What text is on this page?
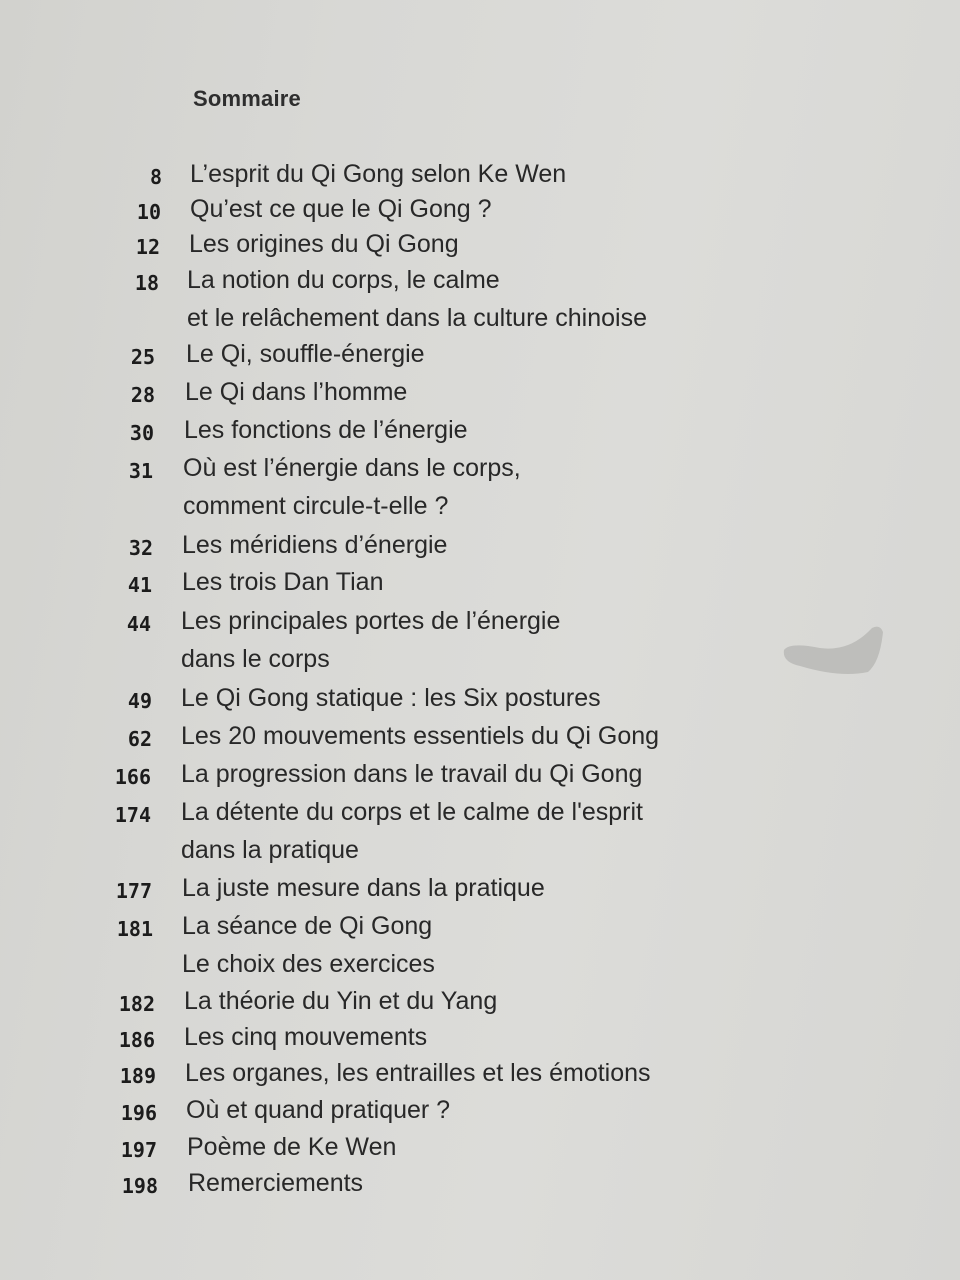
Sommaire
8 L’esprit du Qi Gong selon Ke Wen
10 Qu’est ce que le Qi Gong ?
12 Les origines du Qi Gong
18 La notion du corps, le calme
et le relâchement dans la culture chinoise
25 Le Qi, souffle-énergie
28 Le Qi dans l’homme
30 Les fonctions de l’énergie
31 Où est l’énergie dans le corps,
comment circule-t-elle ?
32 Les méridiens d’énergie
41 Les trois Dan Tian
44 Les principales portes de l’énergie
dans le corps
49 Le Qi Gong statique : les Six postures
62 Les 20 mouvements essentiels du Qi Gong
166 La progression dans le travail du Qi Gong
174 La détente du corps et le calme de l'esprit
dans la pratique
177 La juste mesure dans la pratique
181 La séance de Qi Gong
Le choix des exercices
182 La théorie du Yin et du Yang
186 Les cinq mouvements
189 Les organes, les entrailles et les émotions
196 Où et quand pratiquer ?
197 Poème de Ke Wen
198 Remerciements
